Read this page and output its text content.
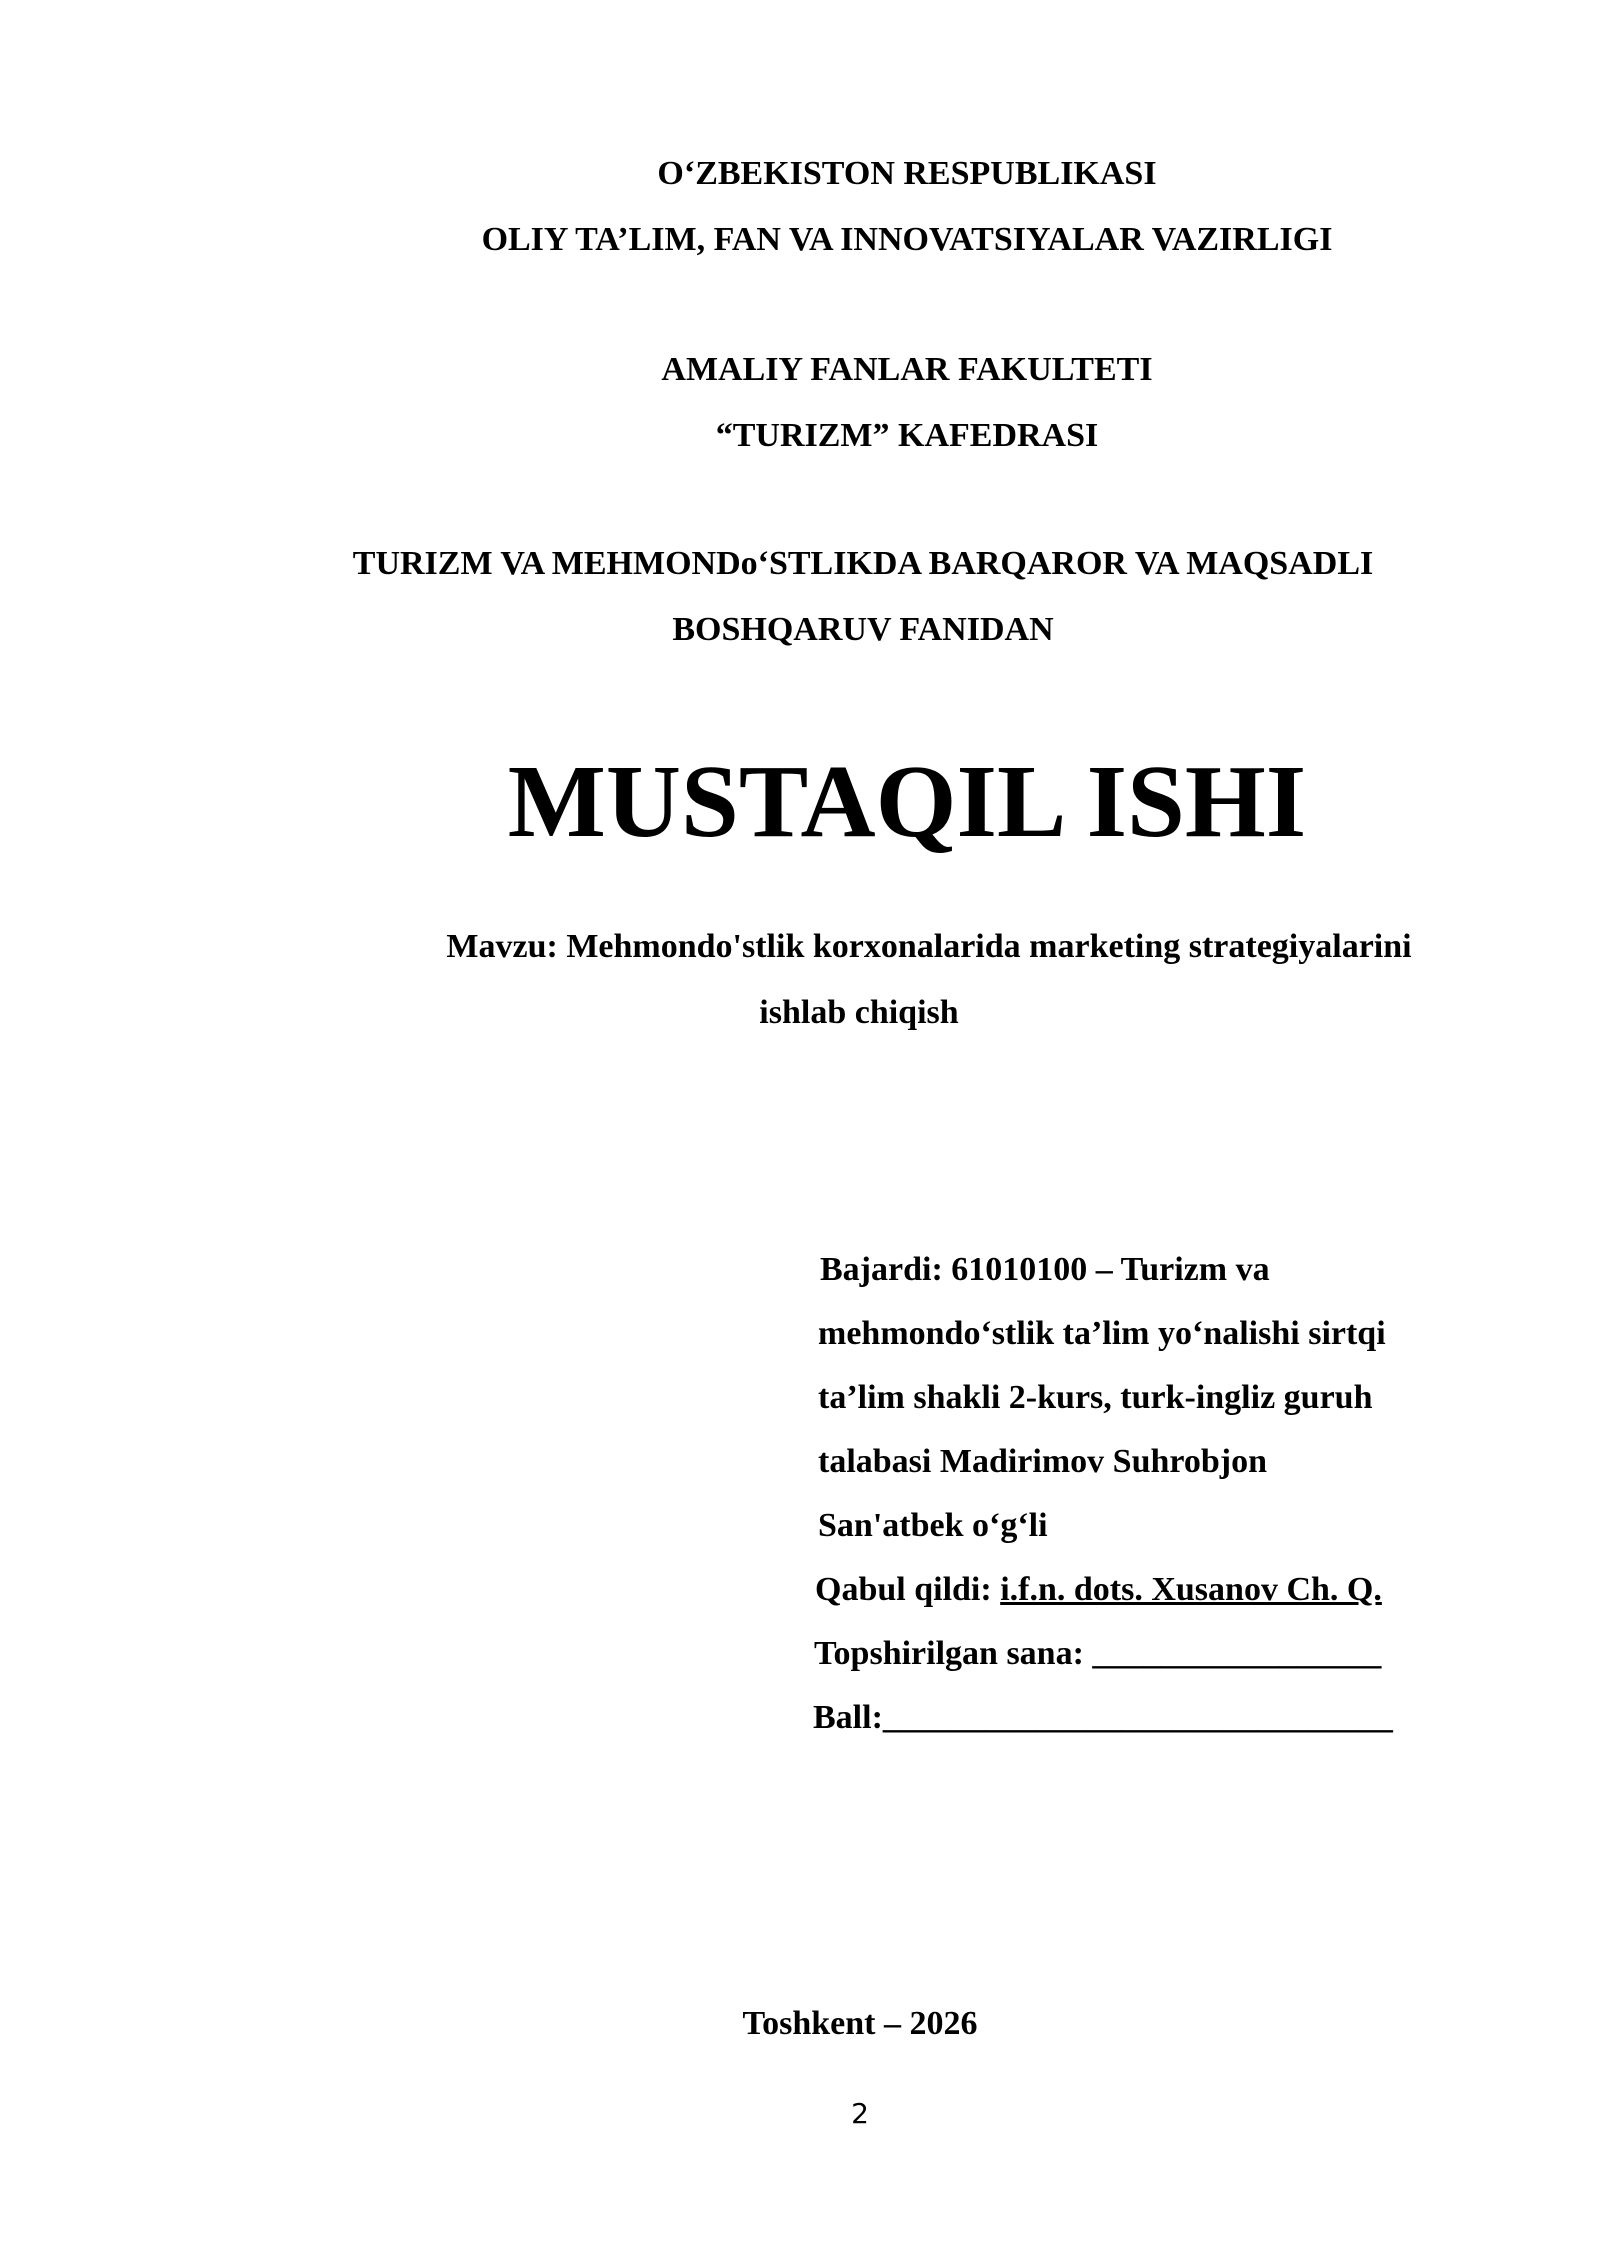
O‘ZBEKISTON RESPUBLIKASI
OLIY TA’LIM, FAN VA INNOVATSIYALAR VAZIRLIGI
AMALIY FANLAR FAKULTETI
“TURIZM” KAFEDRASI
TURIZM VA MEHMONDo‘STLIKDA BARQAROR VA MAQSADLI
BOSHQARUV FANIDAN
MUSTAQIL ISHI
Mavzu: Mehmondo'stlik korxonalarida marketing strategiyalarini
ishlab chiqish
Bajardi: 61010100 – Turizm va
mehmondo‘stlik ta’lim yo‘nalishi sirtqi
ta’lim shakli 2-kurs, turk-ingliz guruh
talabasi Madirimov Suhrobjon
San'atbek o‘g‘li
Qabul qildi: i.f.n. dots. Xusanov Ch. Q.
Topshirilgan sana: _________________
Ball:______________________________
Toshkent – 2026
2
